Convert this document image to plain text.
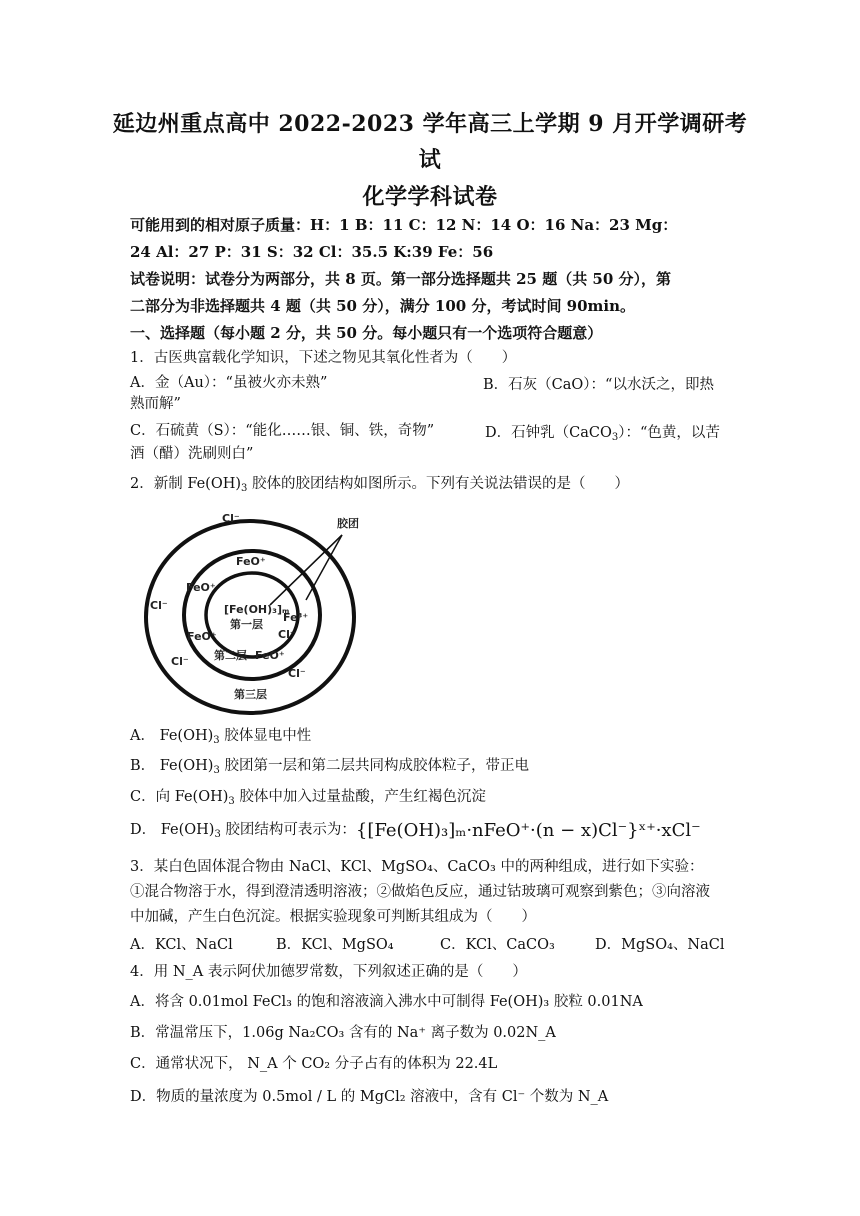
延边州重点高中 2022-2023 学年高三上学期 9 月开学调研考
试
化学学科试卷
可能用到的相对原子质量：H：1 B：11 C：12 N：14 O：16 Na：23 Mg：
24 Al：27 P：31 S：32 Cl：35.5 K:39 Fe：56
试卷说明：试卷分为两部分，共 8 页。第一部分选择题共 25 题（共 50 分），第
二部分为非选择题共 4 题（共 50 分），满分 100 分，考试时间 90min。
一、选择题（每小题 2 分，共 50 分。每小题只有一个选项符合题意）
1．古医典富载化学知识，下述之物见其氧化性者为（　　）
A．金（Au）：“虽被火亦未熟”	B．石灰（CaO）：“以水沃之，即热
熟而解”
C．石硫黄（S）：“能化……银、铜、铁，奇物”	D．石钟乳（CaCO$_3$）：“色黄，以苦
酒（醋）洗刷则白”
2．新制 $Fe(OH)_3$ 胶体的胶团结构如图所示。下列有关说法错误的是（　　）
胶团
[Fe(OH)₃]ₘ
第一层
第二层
第三层
Cl⁻
FeO⁺
FeO⁺
Cl⁻
FeO⁺
Cl⁻	FeO⁺
Fe³⁺
Cl⁻
Cl⁻
A． $Fe(OH)_3$ 胶体显电中性
B． $Fe(OH)_3$ 胶团第一层和第二层共同构成胶体粒子，带正电
C．向 $Fe(OH)_3$ 胶体中加入过量盐酸，产生红褐色沉淀
D． $Fe(OH)_3$ 胶团结构可表示为：{[Fe(OH)₃]ₘ·nFeO⁺·(n − x)Cl⁻}ˣ⁺·xCl⁻
3．某白色固体混合物由 NaCl、KCl、MgSO₄、CaCO₃ 中的两种组成，进行如下实验：
①混合物溶于水，得到澄清透明溶液；②做焰色反应，通过钴玻璃可观察到紫色；③向溶液
中加碱，产生白色沉淀。根据实验现象可判断其组成为（　　）
A．KCl、NaCl	B．KCl、MgSO₄	C．KCl、CaCO₃	D．MgSO₄、NaCl
4．用 N_A 表示阿伏加德罗常数，下列叙述正确的是（　　）
A．将含 0.01mol FeCl₃ 的饱和溶液滴入沸水中可制得 Fe(OH)₃ 胶粒 0.01NA
B．常温常压下，1.06g Na₂CO₃ 含有的 Na⁺ 离子数为 0.02N_A
C．通常状况下， N_A 个 CO₂ 分子占有的体积为 22.4L
D．物质的量浓度为 0.5mol / L 的 MgCl₂ 溶液中，含有 Cl⁻ 个数为 N_A
